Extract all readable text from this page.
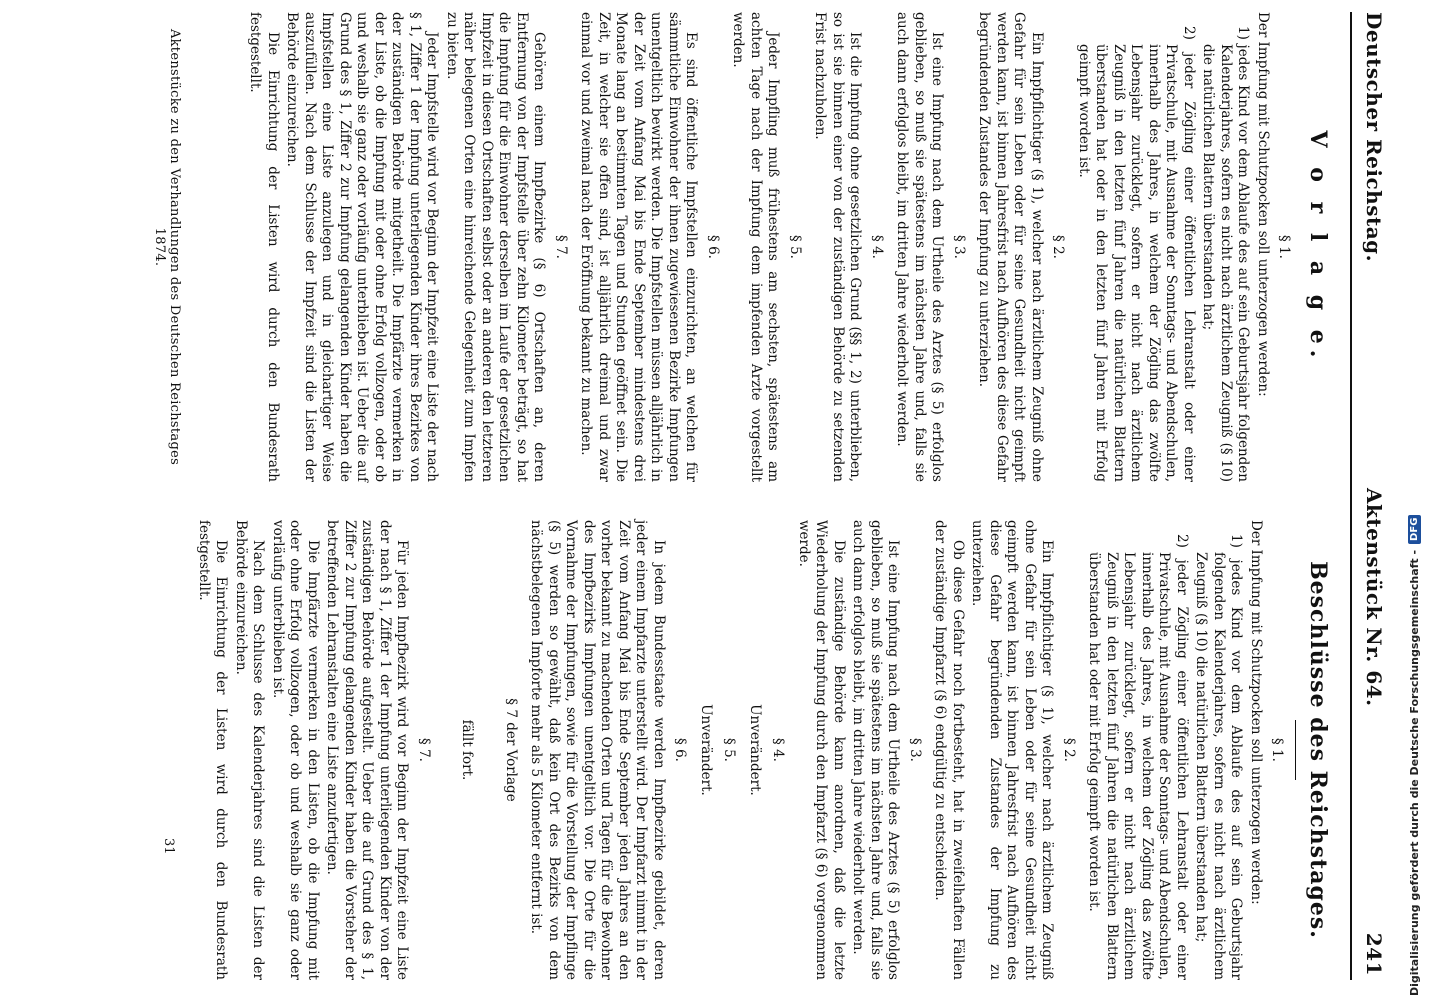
Deutscher Reichstag.
Aktenstück Nr. 64.
241
V o r l a g e.
§ 1.

Der Impfung mit Schutzpocken soll unterzogen werden:

1) jedes Kind vor dem Ablaufe des auf sein Geburtsjahr folgenden Kalenderjahres, sofern es nicht nach ärztlichem Zeugniß (§ 10) die natürlichen Blattern überstanden hat;

2) jeder Zögling einer öffentlichen Lehranstalt oder einer Privatschule, mit Ausnahme der Sonntags- und Abendschulen, innerhalb des Jahres, in welchem der Zögling das zwölfte Lebensjahr zurücklegt, sofern er nicht nach ärztlichem Zeugniß in den letzten fünf Jahren die natürlichen Blattern überstanden hat oder in den letzten fünf Jahren mit Erfolg geimpft worden ist.

§ 2.

Ein Impfpflichtiger (§ 1), welcher nach ärztlichem Zeugniß ohne Gefahr für sein Leben oder für seine Gesundheit nicht geimpft werden kann, ist binnen Jahresfrist nach Aufhören des diese Gefahr begründenden Zustandes der Impfung zu unterziehen.

§ 3.

Ist eine Impfung nach dem Urtheile des Arztes (§ 5) erfolglos geblieben, so muß sie spätestens im nächsten Jahre und, falls sie auch dann erfolglos bleibt, im dritten Jahre wiederholt werden.

§ 4.

Ist die Impfung ohne gesetzlichen Grund (§§ 1, 2) unterblieben, so ist sie binnen einer von der zuständigen Behörde zu setzenden Frist nachzuholen.

§ 5.

Jeder Impfling muß frühestens am sechsten, spätestens am achten Tage nach der Impfung dem impfenden Arzte vorgestellt werden.

§ 6.

Es sind öffentliche Impfstellen einzurichten, an welchen für sämmtliche Einwohner der ihnen zugewiesenen Bezirke Impfungen unentgeltlich bewirkt werden. Die Impfstellen müssen alljährlich in der Zeit vom Anfang Mai bis Ende September mindestens drei Monate lang an bestimmten Tagen und Stunden geöffnet sein. Die Zeit, in welcher sie offen sind, ist alljährlich dreimal und zwar einmal vor und zweimal nach der Eröffnung bekannt zu machen.

§ 7.

Gehören einem Impfbezirke (§ 6) Ortschaften an, deren Entfernung von der Impfstelle über zehn Kilometer beträgt, so hat die Impfung für die Einwohner derselben im Laufe der gesetzlichen Impfzeit in diesen Ortschaften selbst oder an anderen den letzteren näher belegenen Orten eine hinreichende Gelegenheit zum Impfen zu bieten.

Jeder Impfstelle wird vor Beginn der Impfzeit eine Liste der nach § 1, Ziffer 1 der Impfung unterliegenden Kinder ihres Bezirkes von der zuständigen Behörde mitgetheilt. Die Impfärzte vermerken in der Liste, ob die Impfung mit oder ohne Erfolg vollzogen, oder ob und weshalb sie ganz oder vorläufig unterblieben ist. Ueber die auf Grund des § 1, Ziffer 2 zur Impfung gelangenden Kinder haben die Impfstellen eine Liste anzulegen und in gleichartiger Weise auszufüllen. Nach dem Schlusse der Impfzeit sind die Listen der Behörde einzureichen.

Die Einrichtung der Listen wird durch den Bundesrath festgestellt.

Beschlüsse des Reichstages.
§ 1.

Der Impfung mit Schutzpocken soll unterzogen werden:

1) jedes Kind vor dem Ablaufe des auf sein Geburtsjahr folgenden Kalenderjahres, sofern es nicht nach ärztlichem Zeugniß (§ 10) die natürlichen Blattern überstanden hat;

2) jeder Zögling einer öffentlichen Lehranstalt oder einer Privatschule, mit Ausnahme der Sonntags- und Abendschulen, innerhalb des Jahres, in welchem der Zögling das zwölfte Lebensjahr zurücklegt, sofern er nicht nach ärztlichem Zeugniß in den letzten fünf Jahren die natürlichen Blattern überstanden hat oder mit Erfolg geimpft worden ist.

§ 2.

Ein Impfpflichtiger (§ 1), welcher nach ärztlichem Zeugniß ohne Gefahr für sein Leben oder für seine Gesundheit nicht geimpft werden kann, ist binnen Jahresfrist nach Aufhören des diese Gefahr begründenden Zustandes der Impfung zu unterziehen.

Ob diese Gefahr noch fortbesteht, hat in zweifelhaften Fällen der zuständige Impfarzt (§ 6) endgültig zu entscheiden.

§ 3.

Ist eine Impfung nach dem Urtheile des Arztes (§ 5) erfolglos geblieben, so muß sie spätestens im nächsten Jahre und, falls sie auch dann erfolglos bleibt, im dritten Jahre wiederholt werden.

Die zuständige Behörde kann anordnen, daß die letzte Wiederholung der Impfung durch den Impfarzt (§ 6) vorgenommen werde.

§ 4.
Unverändert.
§ 5.
Unverändert.
§ 6.

In jedem Bundesstaate werden Impfbezirke gebildet, deren jeder einem Impfarzte unterstellt wird. Der Impfarzt nimmt in der Zeit vom Anfang Mai bis Ende September jeden Jahres an den vorher bekannt zu machenden Orten und Tagen für die Bewohner des Impfbezirks Impfungen unentgeltlich vor. Die Orte für die Vornahme der Impfungen, sowie für die Vorstellung der Impflinge (§ 5) werden so gewählt, daß kein Ort des Bezirks von dem nächstbelegenen Impforte mehr als 5 Kilometer entfernt ist.

§ 7 der Vorlage
fällt fort.
§ 7.

Für jeden Impfbezirk wird vor Beginn der Impfzeit eine Liste der nach § 1, Ziffer 1 der Impfung unterliegenden Kinder von der zuständigen Behörde aufgestellt. Ueber die auf Grund des § 1, Ziffer 2 zur Impfung gelangenden Kinder haben die Vorsteher der betreffenden Lehranstalten eine Liste anzufertigen.

Die Impfärzte vermerken in den Listen, ob die Impfung mit oder ohne Erfolg vollzogen, oder ob und weshalb sie ganz oder vorläufig unterblieben ist.

Nach dem Schlusse des Kalenderjahres sind die Listen der Behörde einzureichen.

Die Einrichtung der Listen wird durch den Bundesrath festgestellt.

Aktenstücke zu den Verhandlungen des Deutschen Reichstages 1874.
31	Digitalisierung gefördert durch die Deutsche Forschungsgemeinschaft -
DFG
